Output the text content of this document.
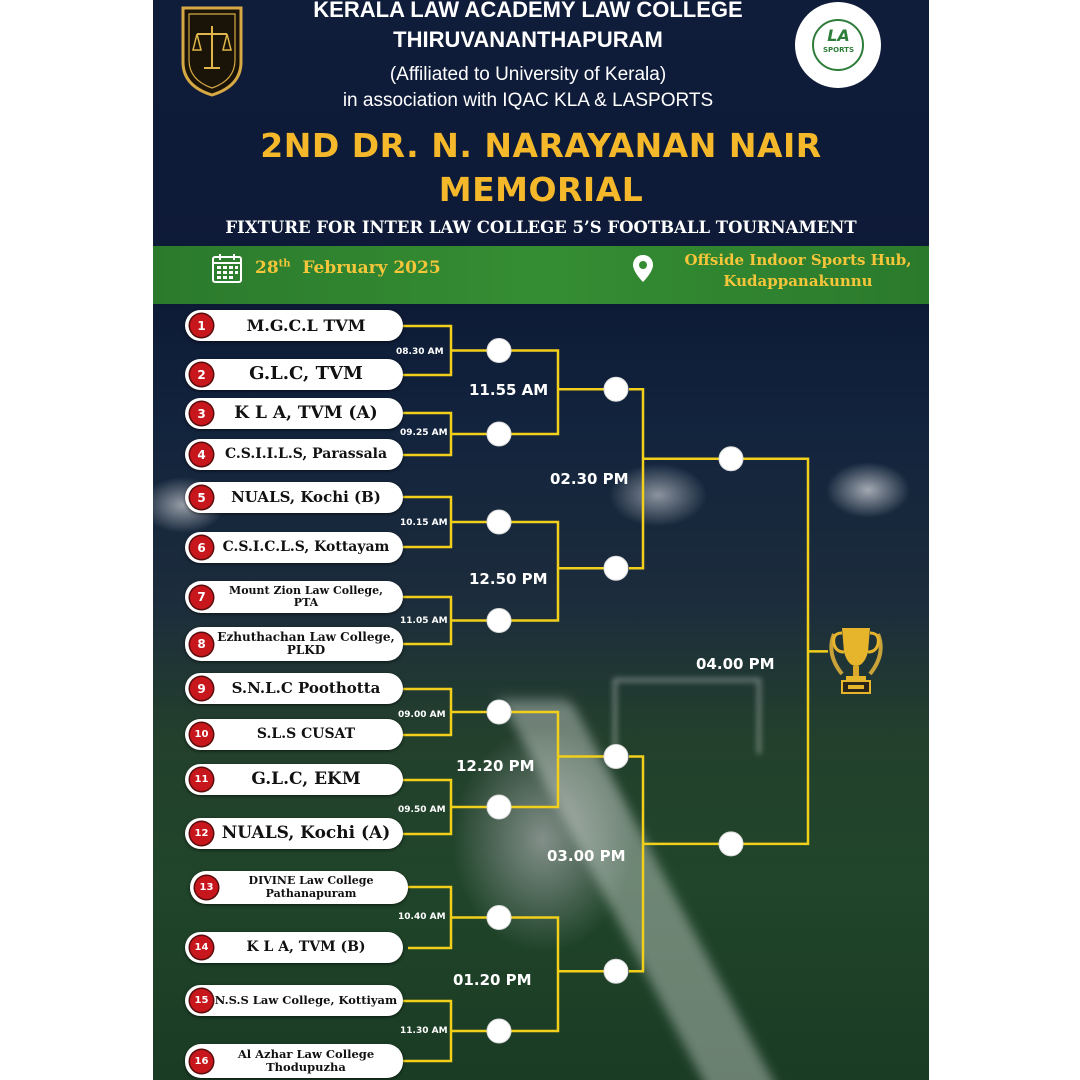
KERALA LAW ACADEMY LAW COLLEGE
THIRUVANANTHAPURAM
(Affiliated to University of Kerala)
in association with IQAC KLA & LASPORTS
LA
SPORTS
2ND DR. N. NARAYANAN NAIR
MEMORIAL
FIXTURE FOR INTER LAW COLLEGE 5’S FOOTBALL TOURNAMENT
28th February 2025	Offside Indoor Sports Hub,
Kudappanakunnu
1	M.G.C.L TVM
2	G.L.C, TVM
3	K L A, TVM (A)
4	C.S.I.I.L.S, Parassala
5	NUALS, Kochi (B)
6	C.S.I.C.L.S, Kottayam
7	Mount Zion Law College,
PTA
8
Ezhuthachan Law College,
PLKD
9	S.N.L.C Poothotta
10	S.L.S CUSAT
11	G.L.C, EKM
12 NUALS, Kochi (A)
13
DIVINE Law College
Pathanapuram
14	K L A, TVM (B)
15 N.S.S Law College, Kottiyam
16	Al Azhar Law College
Thodupuzha
08.30 AM
09.25 AM
10.15 AM
11.05 AM
09.00 AM
09.50 AM
10.40 AM
11.30 AM
11.55 AM
12.50 PM
12.20 PM
01.20 PM
02.30 PM
03.00 PM
04.00 PM
